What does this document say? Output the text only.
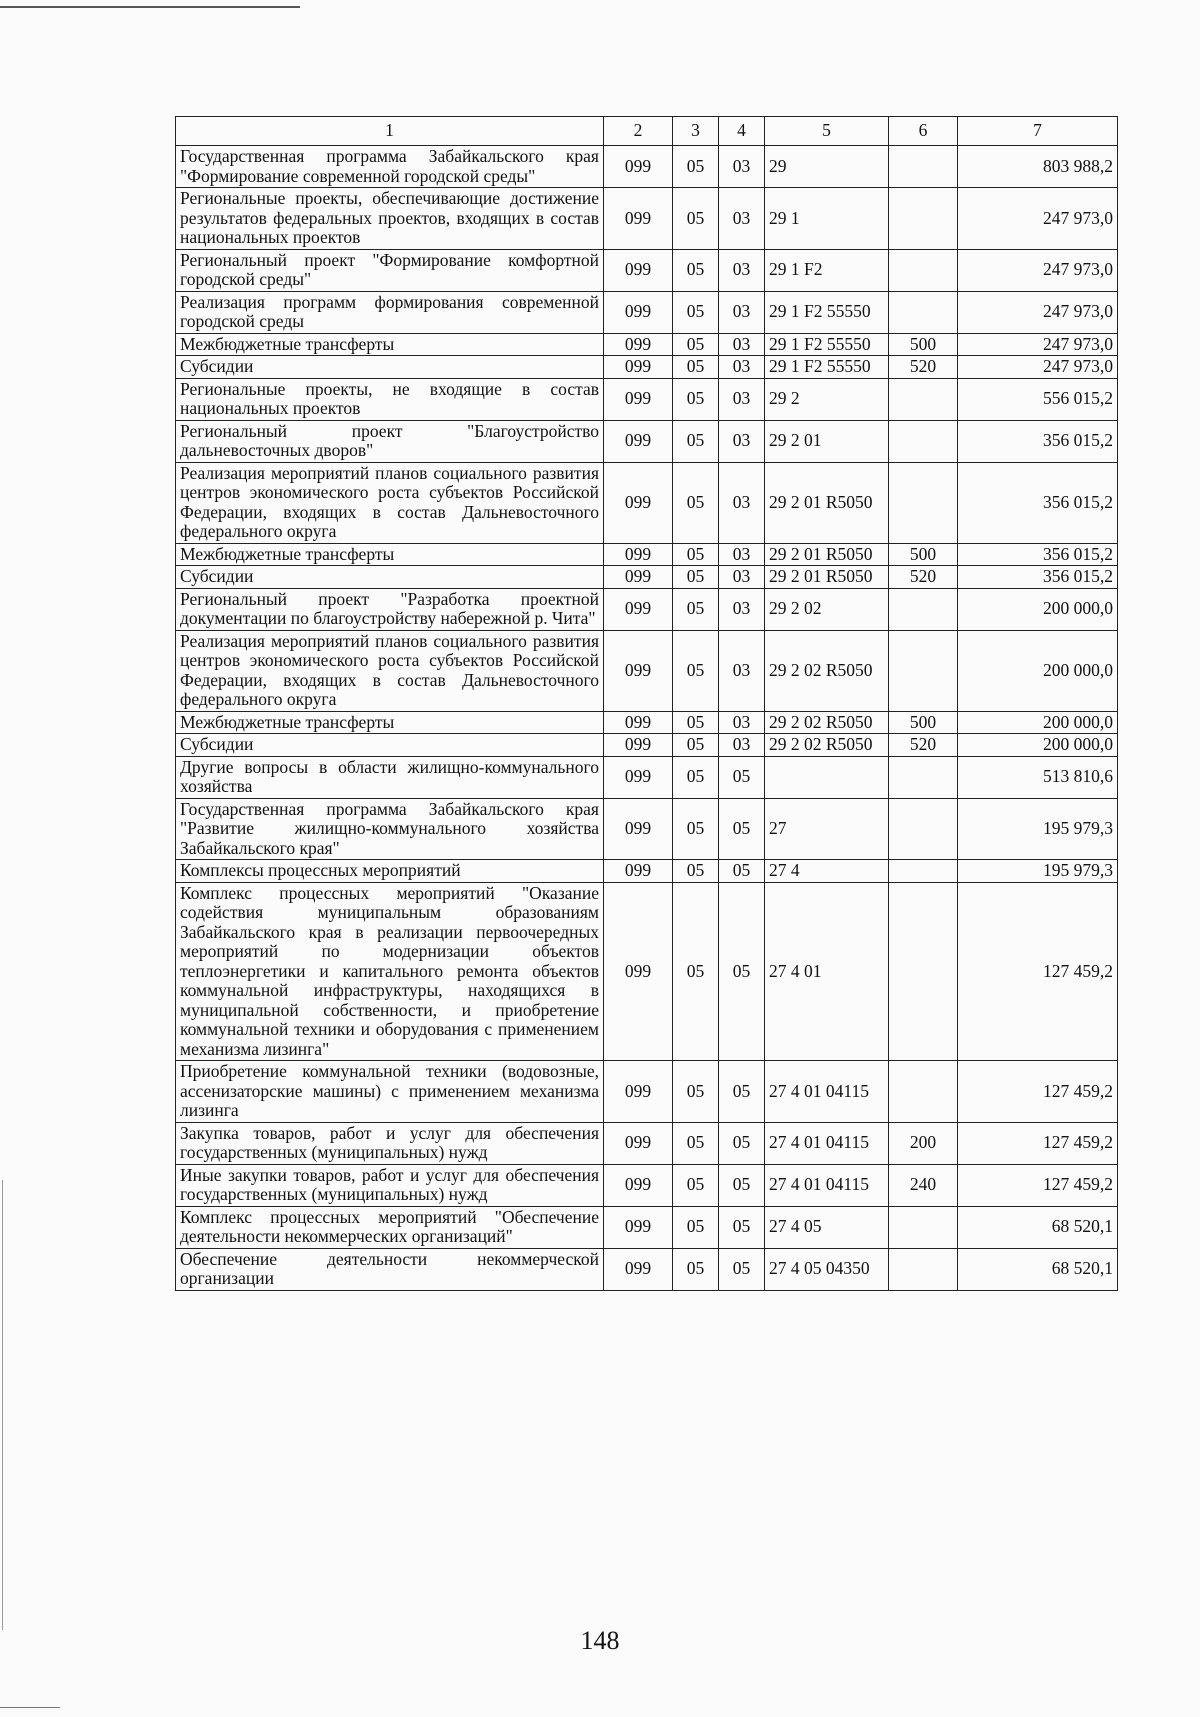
1	2	3	4	5	6	7
Государственная программа Забайкальского края "Формирование современной городской среды"	099	05	03	29		803 988,2
Региональные проекты, обеспечивающие достижение результатов федеральных проектов, входящих в состав национальных проектов	099	05	03	29 1		247 973,0
Региональный проект "Формирование комфортной городской среды"	099	05	03	29 1 F2		247 973,0
Реализация программ формирования современной городской среды	099	05	03	29 1 F2 55550		247 973,0
Межбюджетные трансферты	099	05	03	29 1 F2 55550	500	247 973,0
Субсидии	099	05	03	29 1 F2 55550	520	247 973,0
Региональные проекты, не входящие в состав национальных проектов	099	05	03	29 2		556 015,2
Региональный проект "Благоустройство дальневосточных дворов"	099	05	03	29 2 01		356 015,2
Реализация мероприятий планов социального развития центров экономического роста субъектов Российской Федерации, входящих в состав Дальневосточного федерального округа	099	05	03	29 2 01 R5050		356 015,2
Межбюджетные трансферты	099	05	03	29 2 01 R5050	500	356 015,2
Субсидии	099	05	03	29 2 01 R5050	520	356 015,2
Региональный проект "Разработка проектной документации по благоустройству набережной р. Чита"	099	05	03	29 2 02		200 000,0
Реализация мероприятий планов социального развития центров экономического роста субъектов Российской Федерации, входящих в состав Дальневосточного федерального округа	099	05	03	29 2 02 R5050		200 000,0
Межбюджетные трансферты	099	05	03	29 2 02 R5050	500	200 000,0
Субсидии	099	05	03	29 2 02 R5050	520	200 000,0
Другие вопросы в области жилищно-коммунального хозяйства	099	05	05			513 810,6
Государственная программа Забайкальского края "Развитие жилищно-коммунального хозяйства Забайкальского края"	099	05	05	27		195 979,3
Комплексы процессных мероприятий	099	05	05	27 4		195 979,3
Комплекс процессных мероприятий "Оказание содействия муниципальным образованиям Забайкальского края в реализации первоочередных мероприятий по модернизации объектов теплоэнергетики и капитального ремонта объектов коммунальной инфраструктуры, находящихся в муниципальной собственности, и приобретение коммунальной техники и оборудования с применением механизма лизинга"	099	05	05	27 4 01		127 459,2
Приобретение коммунальной техники (водовозные, ассенизаторские машины) с применением механизма лизинга	099	05	05	27 4 01 04115		127 459,2
Закупка товаров, работ и услуг для обеспечения государственных (муниципальных) нужд	099	05	05	27 4 01 04115	200	127 459,2
Иные закупки товаров, работ и услуг для обеспечения государственных (муниципальных) нужд	099	05	05	27 4 01 04115	240	127 459,2
Комплекс процессных мероприятий "Обеспечение деятельности некоммерческих организаций"	099	05	05	27 4 05		68 520,1
Обеспечение деятельности некоммерческой организации	099	05	05	27 4 05 04350		68 520,1
148
